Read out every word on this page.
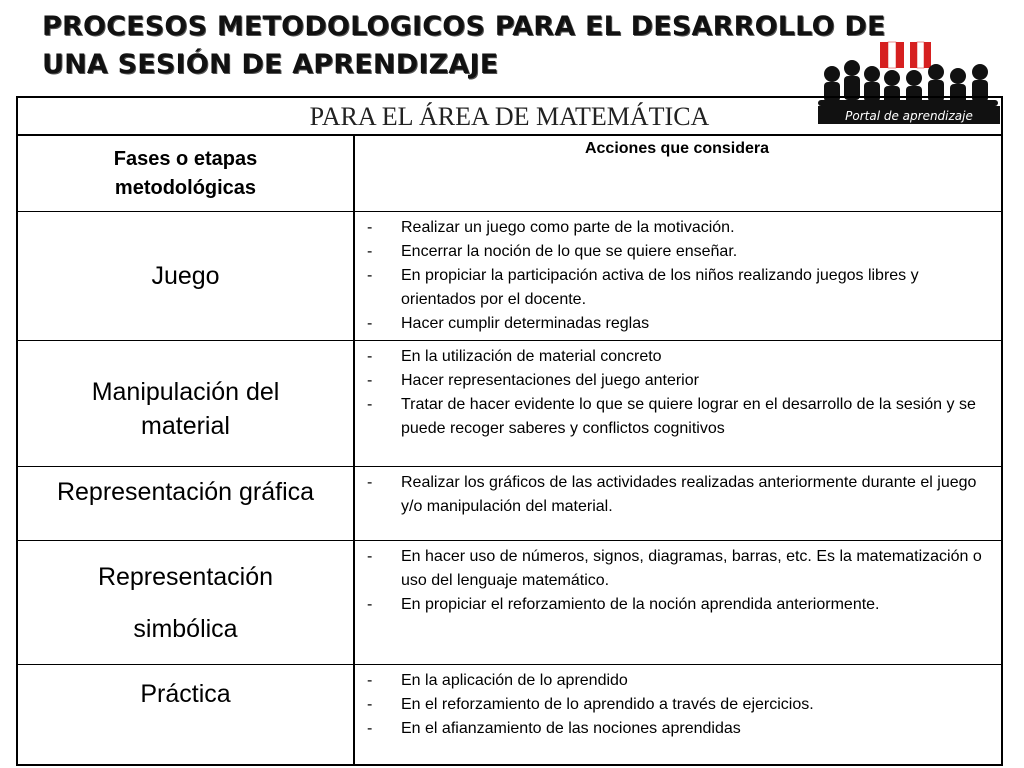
PROCESOS METODOLOGICOS PARA EL DESARROLLO DE
UNA SESIÓN DE APRENDIZAJE
Portal de aprendizaje
PARA EL ÁREA DE MATEMÁTICA
Fases o etapas
metodológicas
Acciones que considera
Juego
- Realizar un juego como parte de la motivación.
- Encerrar la noción de lo que se quiere enseñar.
- En propiciar la participación activa de los niños realizando juegos libres y orientados por el docente.
- Hacer cumplir determinadas reglas
Manipulación del
material
- En la utilización de material concreto
- Hacer representaciones del juego anterior
- Tratar de hacer evidente lo que se quiere lograr en el desarrollo de la sesión y se puede recoger saberes y conflictos cognitivos
Representación gráfica	- Realizar los gráficos de las actividades realizadas anteriormente durante el juego y/o manipulación del material.
Representación
simbólica
- En hacer uso de números, signos, diagramas, barras, etc. Es la matematización o uso del lenguaje matemático.
- En propiciar el reforzamiento de la noción aprendida anteriormente.
Práctica	- En la aplicación de lo aprendido
- En el reforzamiento de lo aprendido a través de ejercicios.
- En el afianzamiento de las nociones aprendidas
